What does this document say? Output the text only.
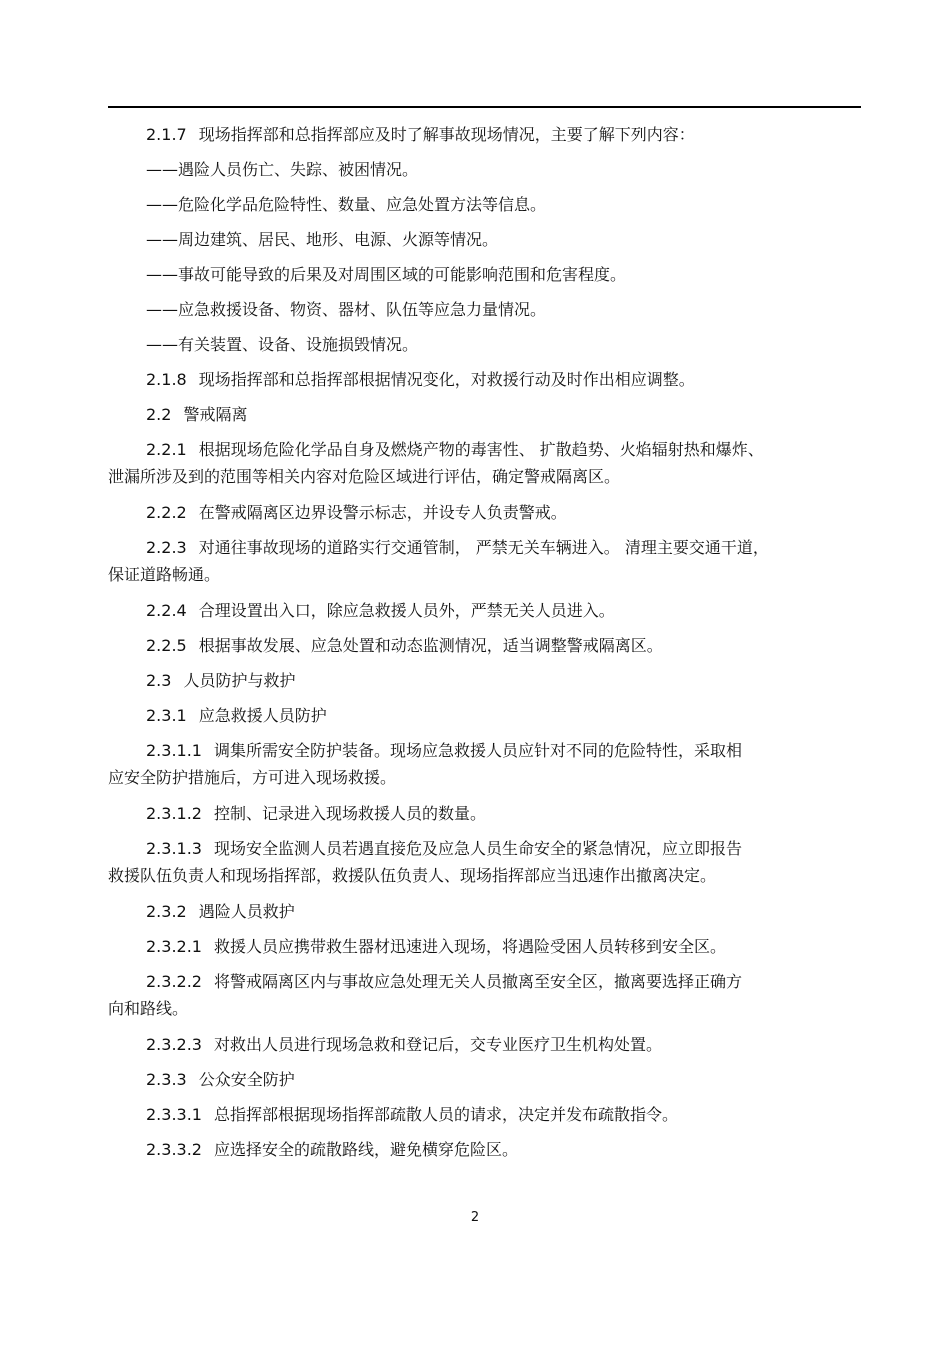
2.1.7 现场指挥部和总指挥部应及时了解事故现场情况，主要了解下列内容：
——遇险人员伤亡、失踪、被困情况。
——危险化学品危险特性、数量、应急处置方法等信息。
——周边建筑、居民、地形、电源、火源等情况。
——事故可能导致的后果及对周围区域的可能影响范围和危害程度。
——应急救援设备、物资、器材、队伍等应急力量情况。
——有关装置、设备、设施损毁情况。
2.1.8 现场指挥部和总指挥部根据情况变化，对救援行动及时作出相应调整。
2.2 警戒隔离
2.2.1 根据现场危险化学品自身及燃烧产物的毒害性、 扩散趋势、火焰辐射热和爆炸、
泄漏所涉及到的范围等相关内容对危险区域进行评估，确定警戒隔离区。
2.2.2 在警戒隔离区边界设警示标志，并设专人负责警戒。
2.2.3 对通往事故现场的道路实行交通管制， 严禁无关车辆进入。 清理主要交通干道，
保证道路畅通。
2.2.4 合理设置出入口，除应急救援人员外，严禁无关人员进入。
2.2.5 根据事故发展、应急处置和动态监测情况，适当调整警戒隔离区。
2.3 人员防护与救护
2.3.1 应急救援人员防护
2.3.1.1 调集所需安全防护装备。现场应急救援人员应针对不同的危险特性，采取相
应安全防护措施后，方可进入现场救援。
2.3.1.2 控制、记录进入现场救援人员的数量。
2.3.1.3 现场安全监测人员若遇直接危及应急人员生命安全的紧急情况，应立即报告
救援队伍负责人和现场指挥部，救援队伍负责人、现场指挥部应当迅速作出撤离决定。
2.3.2 遇险人员救护
2.3.2.1 救援人员应携带救生器材迅速进入现场，将遇险受困人员转移到安全区。
2.3.2.2 将警戒隔离区内与事故应急处理无关人员撤离至安全区，撤离要选择正确方
向和路线。
2.3.2.3 对救出人员进行现场急救和登记后，交专业医疗卫生机构处置。
2.3.3 公众安全防护
2.3.3.1 总指挥部根据现场指挥部疏散人员的请求，决定并发布疏散指令。
2.3.3.2 应选择安全的疏散路线，避免横穿危险区。
2
